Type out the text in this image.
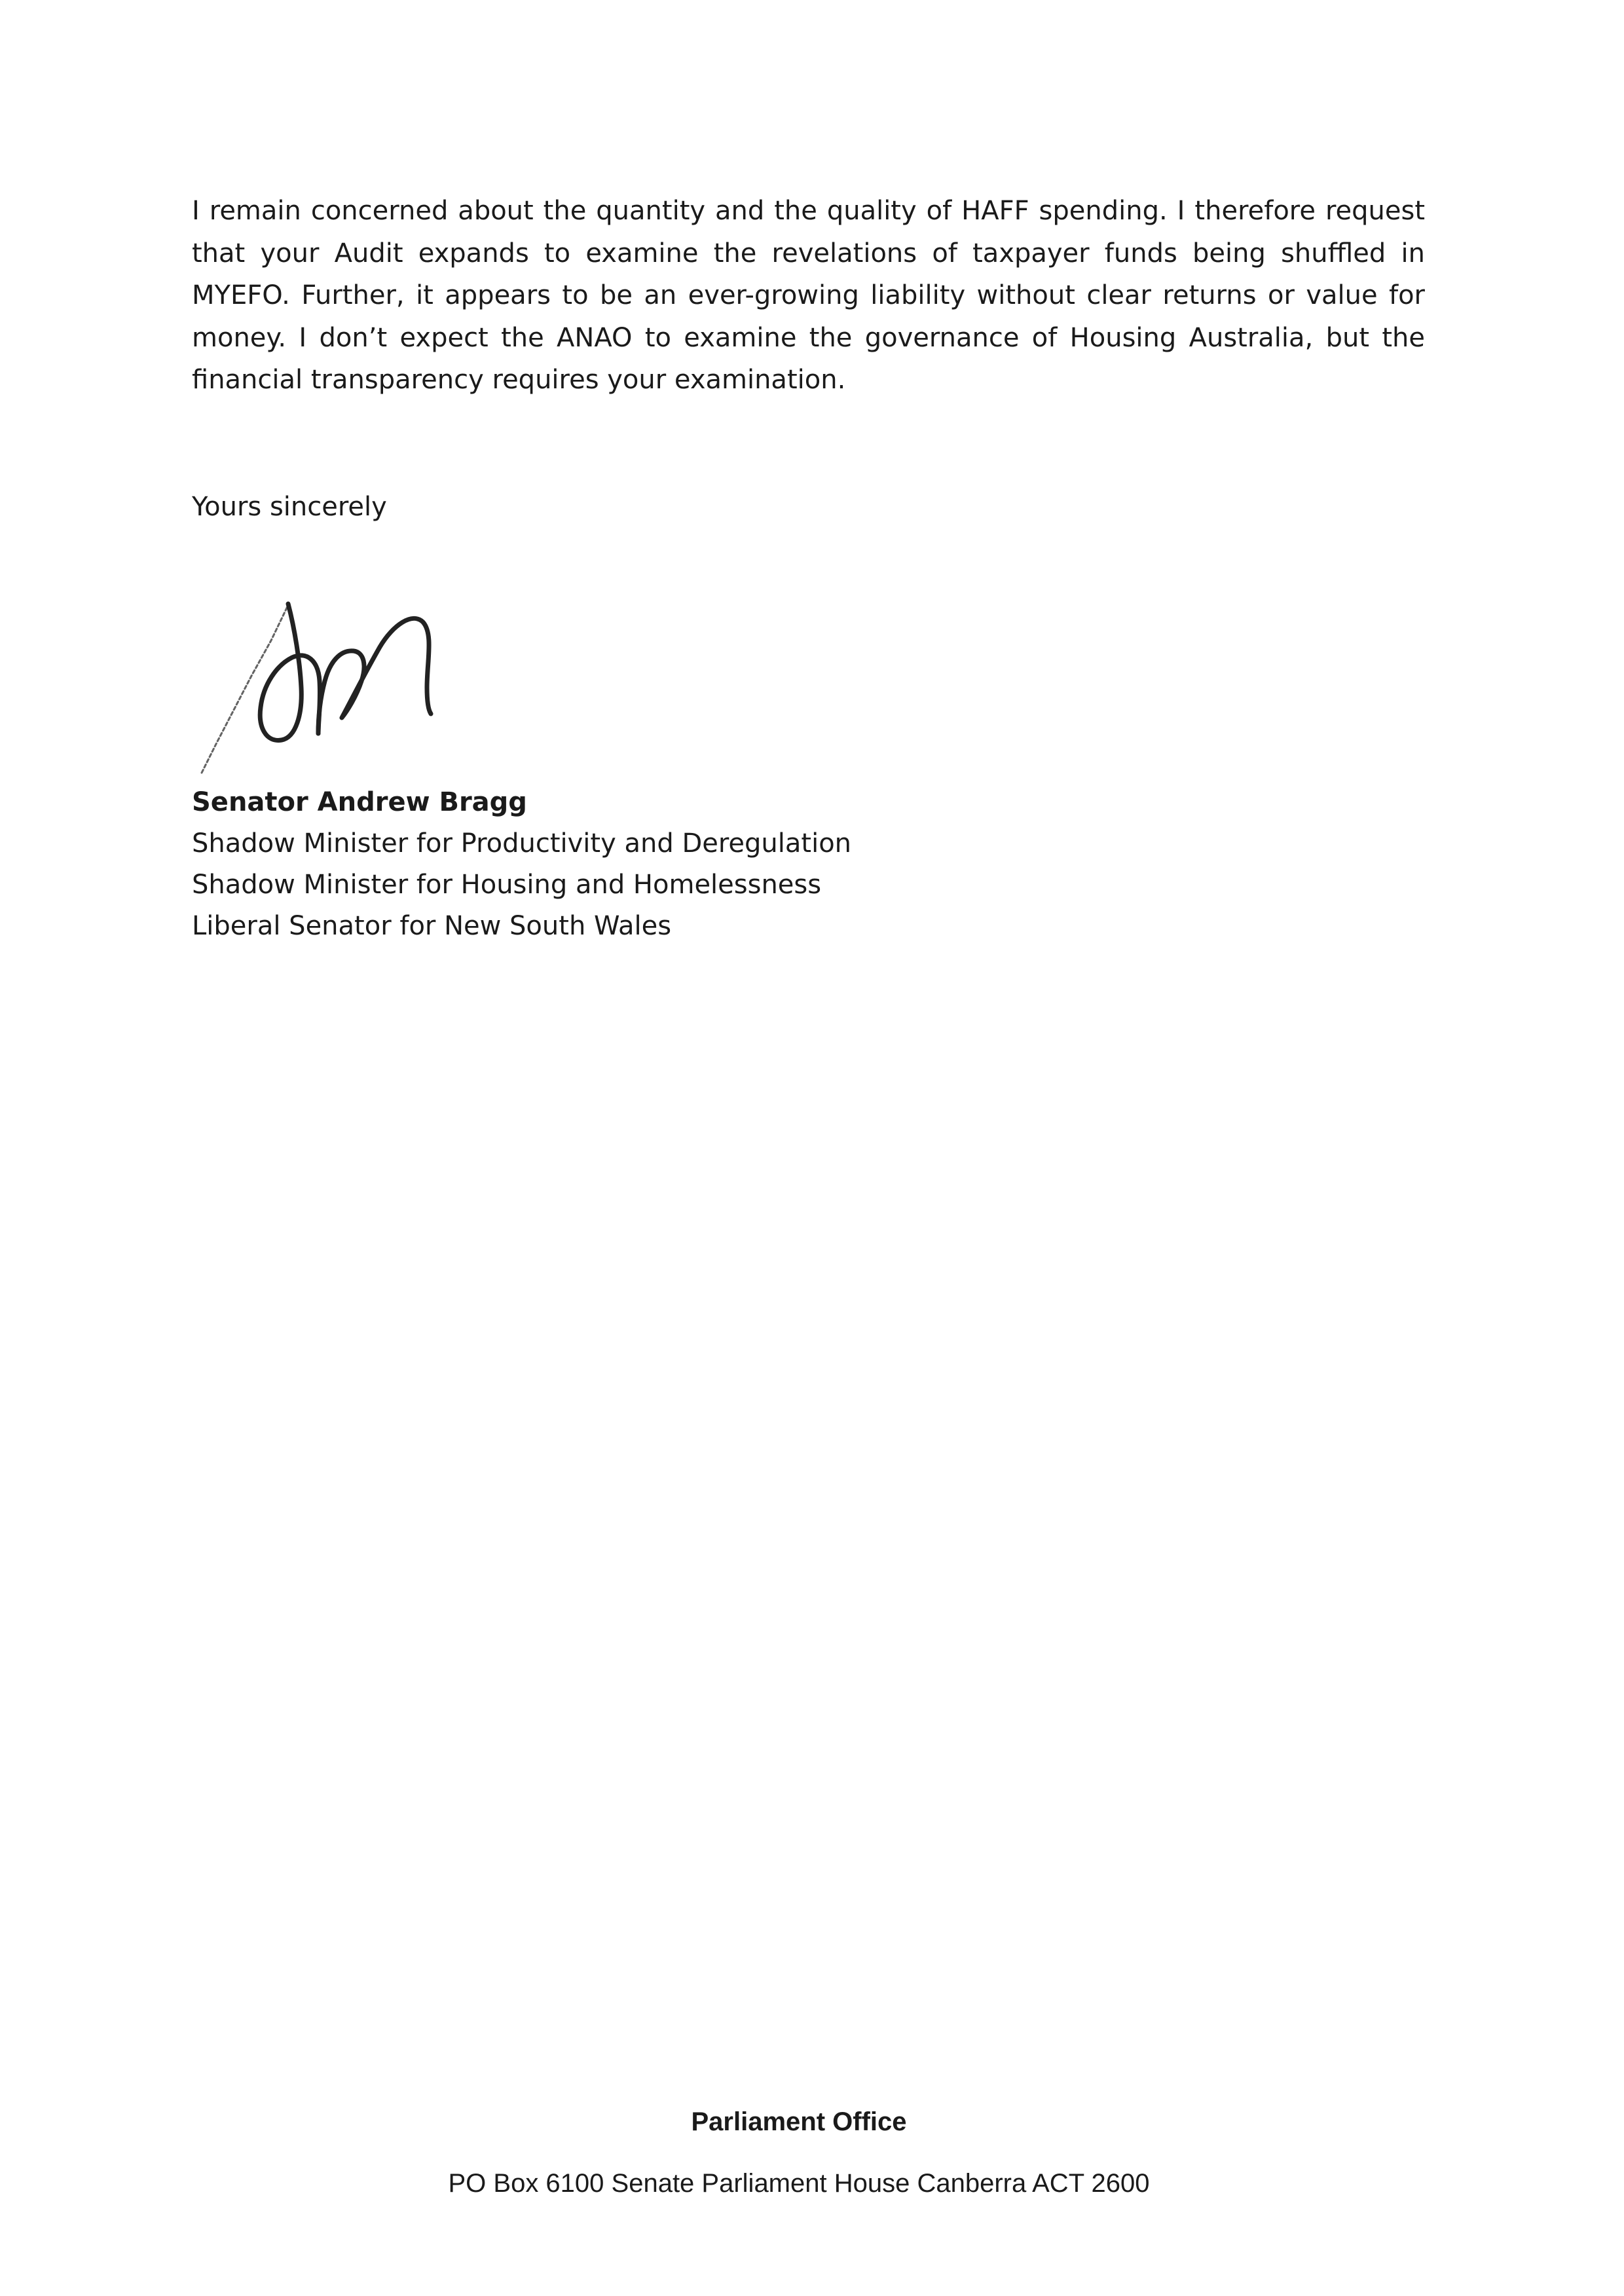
I remain concerned about the quantity and the quality of HAFF spending. I therefore request that your Audit expands to examine the revelations of taxpayer funds being shuffled in MYEFO. Further, it appears to be an ever-growing liability without clear returns or value for money. I don’t expect the ANAO to examine the governance of Housing Australia, but the financial transparency requires your examination.

Yours sincerely

Senator Andrew Bragg
Shadow Minister for Productivity and Deregulation
Shadow Minister for Housing and Homelessness
Liberal Senator for New South Wales

Parliament Office

PO Box 6100 Senate Parliament House Canberra ACT 2600
